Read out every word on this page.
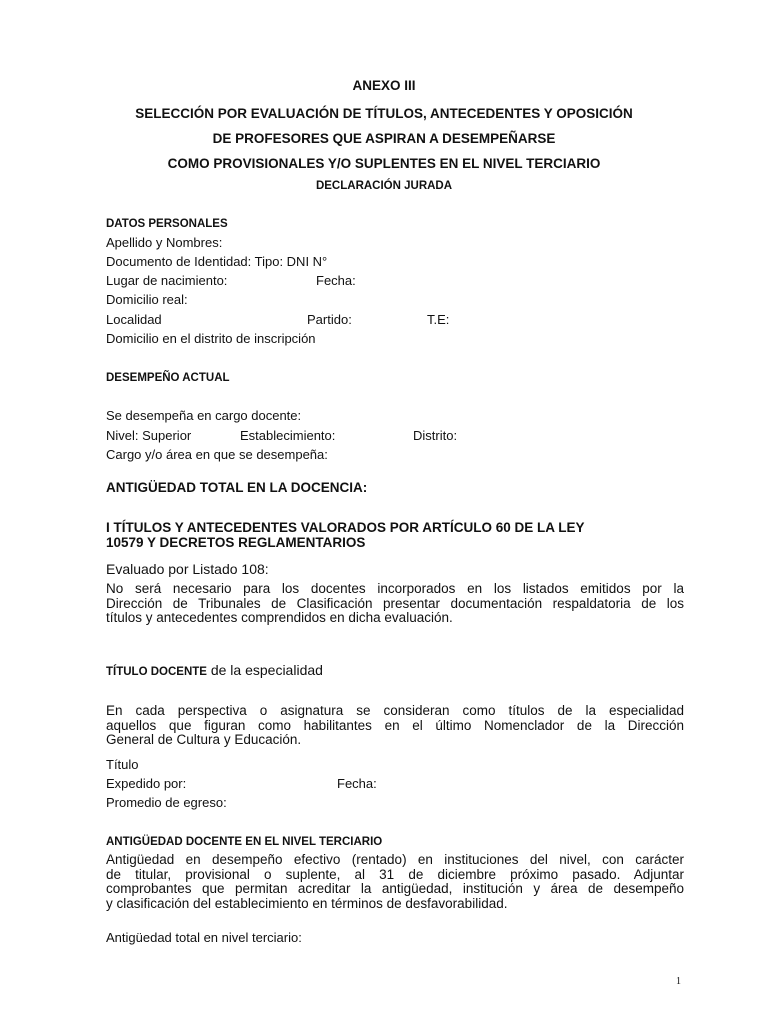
ANEXO III
SELECCIÓN POR EVALUACIÓN DE TÍTULOS, ANTECEDENTES Y OPOSICIÓN
DE PROFESORES QUE ASPIRAN A DESEMPEÑARSE
COMO PROVISIONALES Y/O SUPLENTES EN EL NIVEL TERCIARIO
DECLARACIÓN JURADA
DATOS PERSONALES
Apellido y Nombres:
Documento de Identidad: Tipo: DNI N°
Lugar de nacimiento:	Fecha:
Domicilio real:
Localidad	Partido:	T.E:
Domicilio en el distrito de inscripción
DESEMPEÑO ACTUAL
Se desempeña en cargo docente:
Nivel: Superior	Establecimiento:	Distrito:
Cargo y/o área en que se desempeña:
ANTIGÜEDAD TOTAL EN LA DOCENCIA:
I TÍTULOS Y ANTECEDENTES VALORADOS POR ARTÍCULO 60 DE LA LEY
10579 Y DECRETOS REGLAMENTARIOS
Evaluado por Listado 108:
No será necesario para los docentes incorporados en los listados emitidos por la
Dirección de Tribunales de Clasificación presentar documentación respaldatoria de los
títulos y antecedentes comprendidos en dicha evaluación.
TÍTULO DOCENTE de la especialidad
En cada perspectiva o asignatura se consideran como títulos de la especialidad
aquellos que figuran como habilitantes en el último Nomenclador de la Dirección
General de Cultura y Educación.
Título
Expedido por:	Fecha:
Promedio de egreso:
ANTIGÜEDAD DOCENTE EN EL NIVEL TERCIARIO
Antigüedad en desempeño efectivo (rentado) en instituciones del nivel, con carácter
de titular, provisional o suplente, al 31 de diciembre próximo pasado. Adjuntar
comprobantes que permitan acreditar la antigüedad, institución y área de desempeño
y clasificación del establecimiento en términos de desfavorabilidad.
Antigüedad total en nivel terciario:
1
